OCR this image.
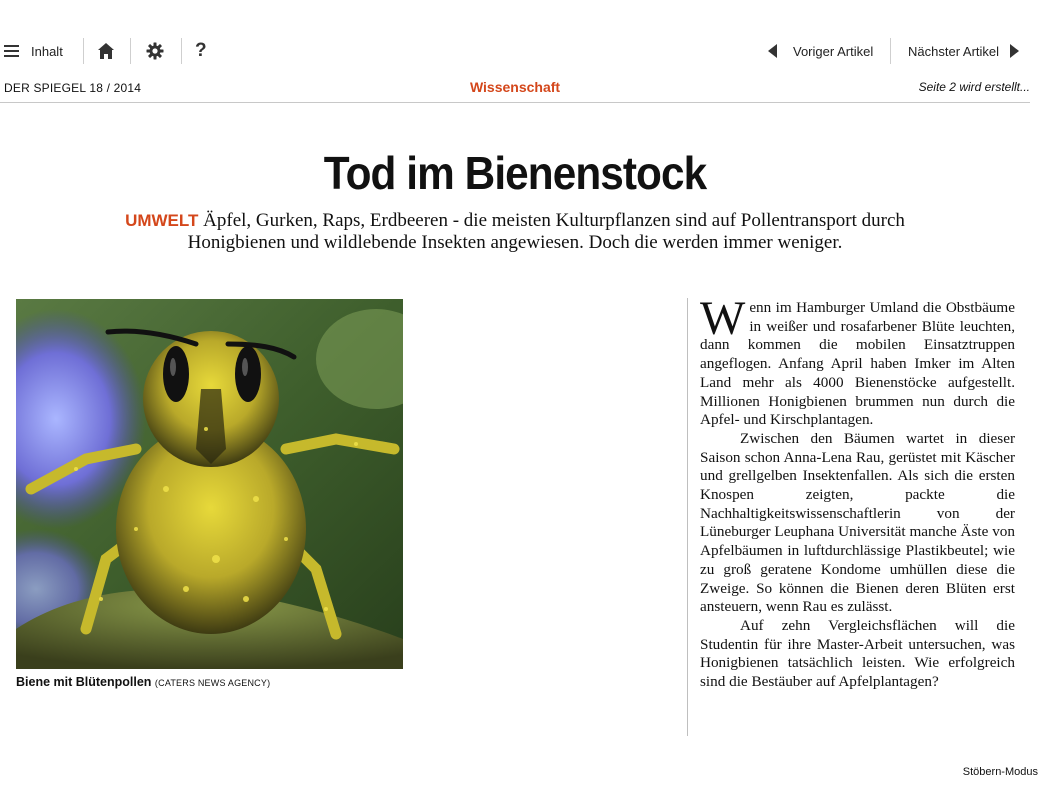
Inhalt	?	Voriger Artikel	Nächster Artikel
DER SPIEGEL 18 / 2014	Wissenschaft	Seite 2 wird erstellt...
Tod im Bienenstock
UMWELT Äpfel, Gurken, Raps, Erdbeeren - die meisten Kulturpflanzen sind auf Pollentransport durch Honigbienen und wildlebende Insekten angewiesen. Doch die werden immer weniger.
Biene mit Blütenpollen (CATERS NEWS AGENCY)

Wenn im Hamburger Umland die Obstbäume in weißer und rosafarbener Blüte leuchten, dann kommen die mobilen Einsatztruppen angeflogen. Anfang April haben Imker im Alten Land mehr als 4000 Bienenstöcke aufgestellt. Millionen Honigbienen brummen nun durch die Apfel- und Kirschplantagen.

Zwischen den Bäumen wartet in dieser Saison schon Anna-Lena Rau, gerüstet mit Käscher und grellgelben Insektenfallen. Als sich die ersten Knospen zeigten, packte die Nachhaltigkeitswissenschaftlerin von der Lüneburger Leuphana Universität manche Äste von Apfelbäumen in luftdurchlässige Plastikbeutel; wie zu groß geratene Kondome umhüllen diese die Zweige. So können die Bienen deren Blüten erst ansteuern, wenn Rau es zulässt.

Auf zehn Vergleichsflächen will die Studentin für ihre Master-Arbeit untersuchen, was Honigbienen tatsächlich leisten. Wie erfolgreich sind die Bestäuber auf Apfelplantagen?

Stöbern-Modus
